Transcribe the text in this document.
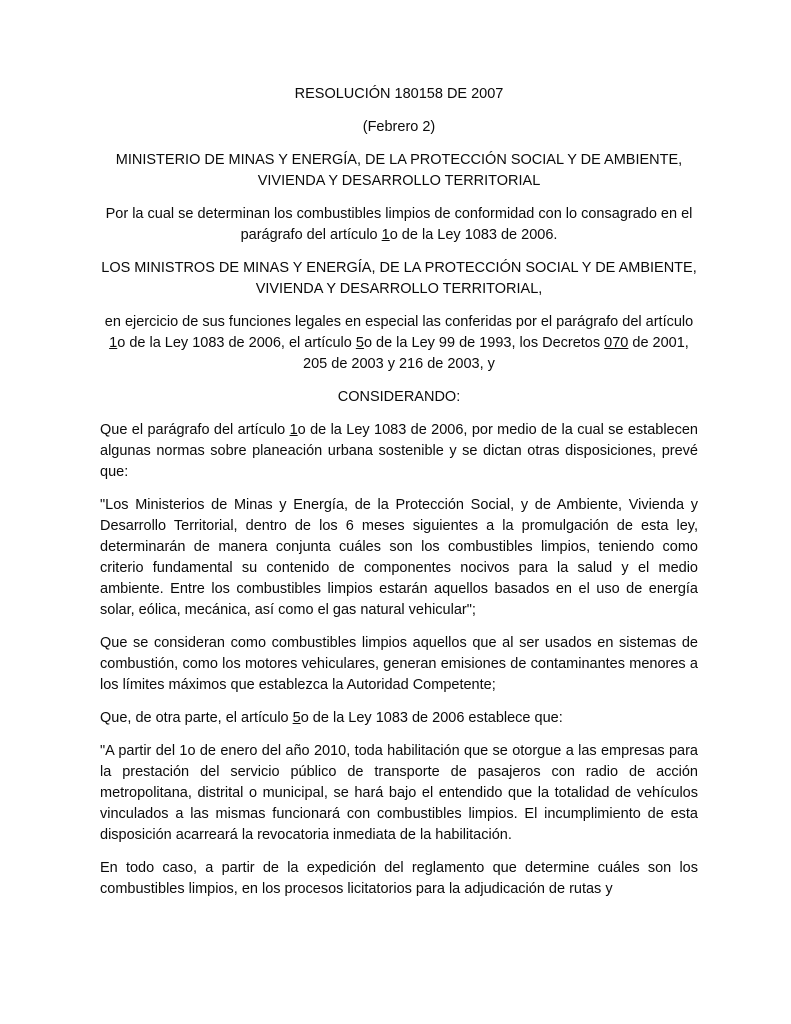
RESOLUCIÓN 180158 DE 2007

(Febrero 2)

MINISTERIO DE MINAS Y ENERGÍA, DE LA PROTECCIÓN SOCIAL Y DE AMBIENTE, VIVIENDA Y DESARROLLO TERRITORIAL

Por la cual se determinan los combustibles limpios de conformidad con lo consagrado en el parágrafo del artículo 1o de la Ley 1083 de 2006.

LOS MINISTROS DE MINAS Y ENERGÍA, DE LA PROTECCIÓN SOCIAL Y DE AMBIENTE, VIVIENDA Y DESARROLLO TERRITORIAL,

en ejercicio de sus funciones legales en especial las conferidas por el parágrafo del artículo 1o de la Ley 1083 de 2006, el artículo 5o de la Ley 99 de 1993, los Decretos 070 de 2001, 205 de 2003 y 216 de 2003, y

CONSIDERANDO:

Que el parágrafo del artículo 1o de la Ley 1083 de 2006, por medio de la cual se establecen algunas normas sobre planeación urbana sostenible y se dictan otras disposiciones, prevé que:

"Los Ministerios de Minas y Energía, de la Protección Social, y de Ambiente, Vivienda y Desarrollo Territorial, dentro de los 6 meses siguientes a la promulgación de esta ley, determinarán de manera conjunta cuáles son los combustibles limpios, teniendo como criterio fundamental su contenido de componentes nocivos para la salud y el medio ambiente. Entre los combustibles limpios estarán aquellos basados en el uso de energía solar, eólica, mecánica, así como el gas natural vehicular";

Que se consideran como combustibles limpios aquellos que al ser usados en sistemas de combustión, como los motores vehiculares, generan emisiones de contaminantes menores a los límites máximos que establezca la Autoridad Competente;

Que, de otra parte, el artículo 5o de la Ley 1083 de 2006 establece que:

"A partir del 1o de enero del año 2010, toda habilitación que se otorgue a las empresas para la prestación del servicio público de transporte de pasajeros con radio de acción metropolitana, distrital o municipal, se hará bajo el entendido que la totalidad de vehículos vinculados a las mismas funcionará con combustibles limpios. El incumplimiento de esta disposición acarreará la revocatoria inmediata de la habilitación.

En todo caso, a partir de la expedición del reglamento que determine cuáles son los combustibles limpios, en los procesos licitatorios para la adjudicación de rutas y
